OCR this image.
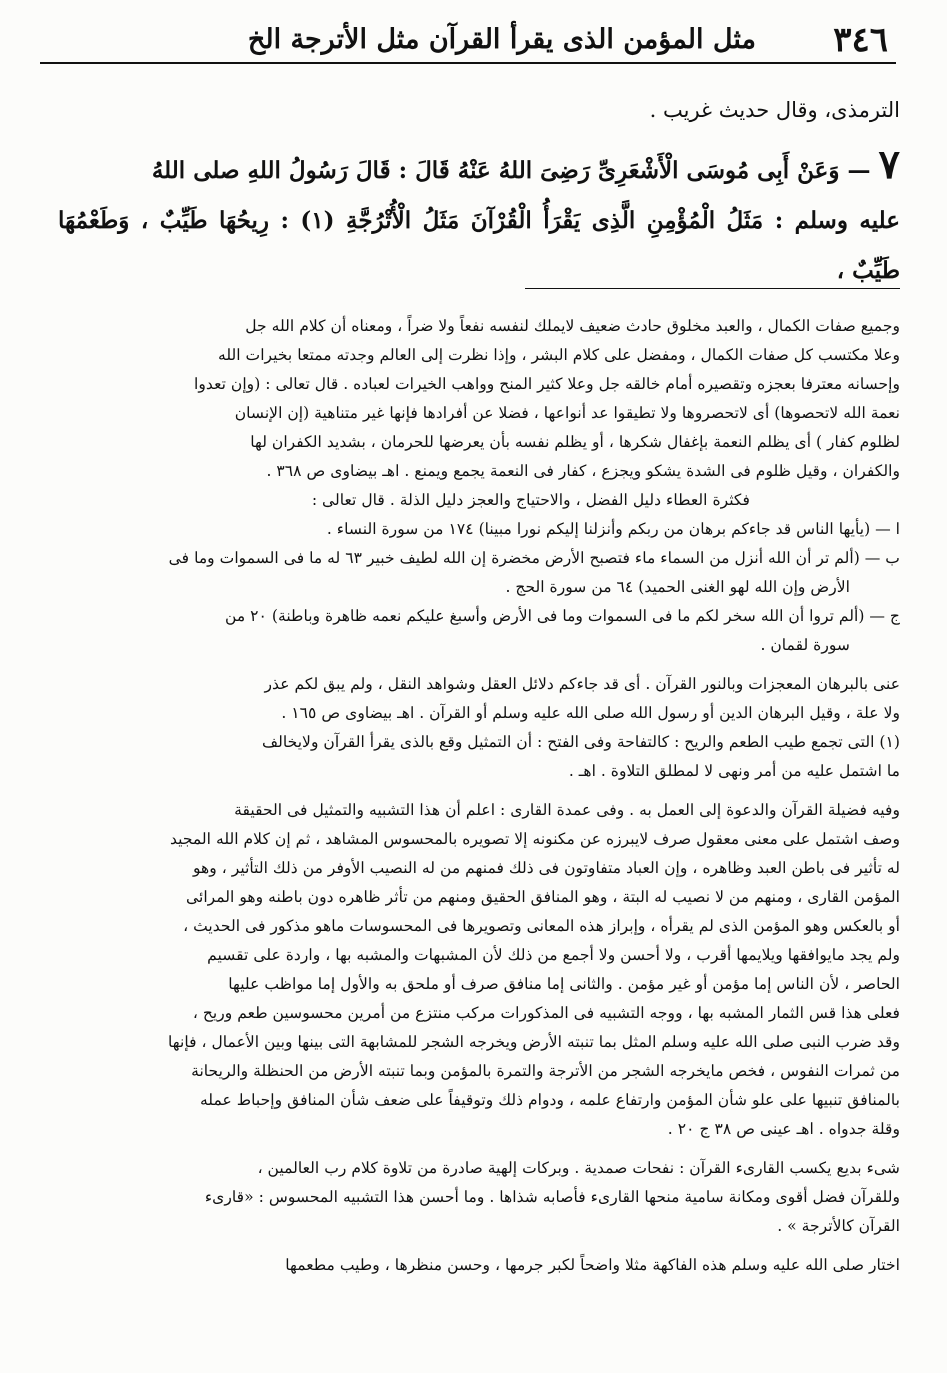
٣٤٦
مثل المؤمن الذى يقرأ القرآن مثل الأترجة الخ

الترمذى، وقال حديث غريب .

٧ — وَعَنْ أَبِى مُوسَى الْأَشْعَرِىِّ رَضِىَ اللهُ عَنْهُ قَالَ : قَالَ رَسُولُ اللهِ صلى اللهُ
عليه وسلم : مَثَلُ الْمُؤْمِنِ الَّذِى يَقْرَأُ الْقُرْآنَ مَثَلُ الْأُتْرُجَّةِ (١) : رِيحُهَا طَيِّبٌ ، وَطَعْمُهَا طَيِّبٌ ،

وجميع صفات الكمال ، والعبد مخلوق حادث ضعيف لايملك لنفسه نفعاً ولا ضراً ، ومعناه أن كلام الله جل

وعلا مكتسب كل صفات الكمال ، ومفضل على كلام البشر ، وإذا نظرت إلى العالم وجدته ممتعا بخيرات الله

وإحسانه معترفا بعجزه وتقصيره أمام خالقه جل وعلا كثير المنح وواهب الخيرات لعباده . قال تعالى : (وإن تعدوا

نعمة الله لاتحصوها) أى لاتحصروها ولا تطيقوا عد أنواعها ، فضلا عن أفرادها فإنها غير متناهية (إن الإنسان

لظلوم كفار ) أى يظلم النعمة بإغفال شكرها ، أو يظلم نفسه بأن يعرضها للحرمان ، بشديد الكفران لها

والكفران ، وقيل ظلوم فى الشدة يشكو ويجزع ، كفار فى النعمة يجمع ويمنع . اهـ بيضاوى ص ٣٦٨ .

فكثرة العطاء دليل الفضل ، والاحتياج والعجز دليل الذلة . قال تعالى :

ا — (يأيها الناس قد جاءكم برهان من ربكم وأنزلنا إليكم نورا مبينا) ١٧٤ من سورة النساء .

ب — (ألم تر أن الله أنزل من السماء ماء فتصبح الأرض مخضرة إن الله لطيف خبير ٦٣ له ما فى السموات وما فى

الأرض وإن الله لهو الغنى الحميد) ٦٤ من سورة الحج .

ج — (ألم تروا أن الله سخر لكم ما فى السموات وما فى الأرض وأسبغ عليكم نعمه ظاهرة وباطنة) ٢٠ من

سورة لقمان .

عنى بالبرهان المعجزات وبالنور القرآن . أى قد جاءكم دلائل العقل وشواهد النقل ، ولم يبق لكم عذر

ولا علة ، وقيل البرهان الدين أو رسول الله صلى الله عليه وسلم أو القرآن . اهـ بيضاوى ص ١٦٥ .

(١) التى تجمع طيب الطعم والريح : كالتفاحة وفى الفتح : أن التمثيل وقع بالذى يقرأ القرآن ولايخالف

ما اشتمل عليه من أمر ونهى لا لمطلق التلاوة . اهـ .

وفيه فضيلة القرآن والدعوة إلى العمل به . وفى عمدة القارى : اعلم أن هذا التشبيه والتمثيل فى الحقيقة

وصف اشتمل على معنى معقول صرف لايبرزه عن مكنونه إلا تصويره بالمحسوس المشاهد ، ثم إن كلام الله المجيد

له تأثير فى باطن العبد وظاهره ، وإن العباد متفاوتون فى ذلك فمنهم من له النصيب الأوفر من ذلك التأثير ، وهو

المؤمن القارى ، ومنهم من لا نصيب له البتة ، وهو المنافق الحقيق ومنهم من تأثر ظاهره دون باطنه وهو المرائى

أو بالعكس وهو المؤمن الذى لم يقرأه ، وإبراز هذه المعانى وتصويرها فى المحسوسات ماهو مذكور فى الحديث ،

ولم يجد مايوافقها ويلايمها أقرب ، ولا أحسن ولا أجمع من ذلك لأن المشبهات والمشبه بها ، واردة على تقسيم

الحاصر ، لأن الناس إما مؤمن أو غير مؤمن . والثانى إما منافق صرف أو ملحق به والأول إما مواظب عليها

فعلى هذا قس الثمار المشبه بها ، ووجه التشبيه فى المذكورات مركب منتزع من أمرين محسوسين طعم وريح ،

وقد ضرب النبى صلى الله عليه وسلم المثل بما تنبته الأرض ويخرجه الشجر للمشابهة التى بينها وبين الأعمال ، فإنها

من ثمرات النفوس ، فخص مايخرجه الشجر من الأترجة والتمرة بالمؤمن وبما تنبته الأرض من الحنظلة والريحانة

بالمنافق تنبيها على علو شأن المؤمن وارتفاع علمه ، ودوام ذلك وتوقيفاً على ضعف شأن المنافق وإحباط عمله

وقلة جدواه . اهـ عينى ص ٣٨ ج ٢٠ .

شىء بديع يكسب القارىء القرآن : نفحات صمدية . وبركات إلهية صادرة من تلاوة كلام رب العالمين ،

وللقرآن فضل أقوى ومكانة سامية منحها القارىء فأصابه شذاها . وما أحسن هذا التشبيه المحسوس : «قارىء

القرآن كالأترجة » .

اختار صلى الله عليه وسلم هذه الفاكهة مثلا واضحاً لكبر جرمها ، وحسن منظرها ، وطيب مطعمها
